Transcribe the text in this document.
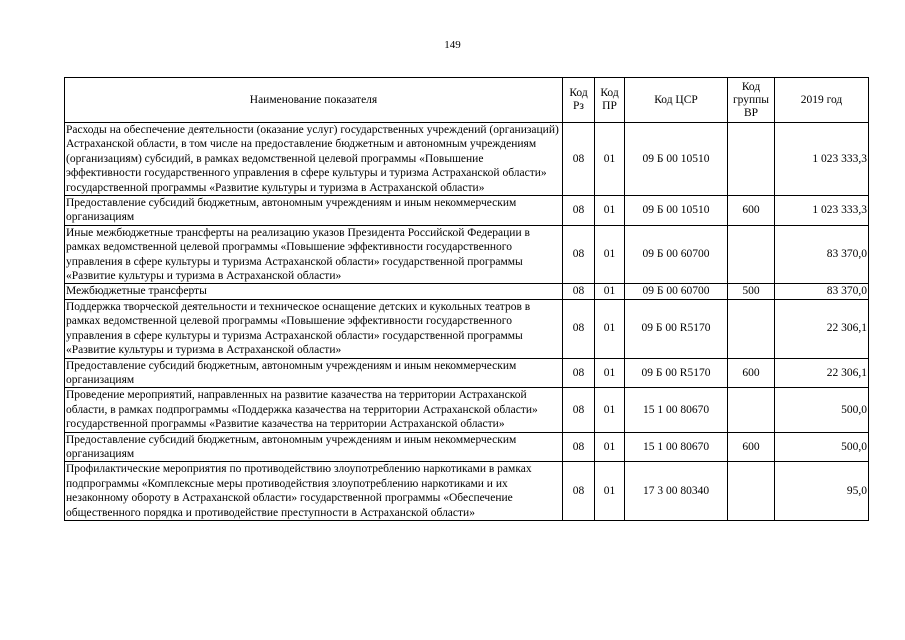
149
Наименование показателя	Код Рз	Код ПР	Код ЦСР	Код группы ВР	2019 год
Расходы на обеспечение деятельности (оказание услуг) государственных учреждений (организаций) Астраханской области, в том числе на предоставление бюджетным и автономным учреждениям (организациям) субсидий, в рамках ведомственной целевой программы «Повышение эффективности государственного управления в сфере культуры и туризма Астраханской области» государственной программы «Развитие культуры и туризма в Астраханской области»	08	01	09 Б 00 10510		1 023 333,3
Предоставление субсидий бюджетным, автономным учреждениям и иным некоммерческим организациям	08	01	09 Б 00 10510	600	1 023 333,3
Иные межбюджетные трансферты на реализацию указов Президента Российской Федерации в рамках ведомственной целевой программы «Повышение эффективности государственного управления в сфере культуры и туризма Астраханской области» государственной программы «Развитие культуры и туризма в Астраханской области»	08	01	09 Б 00 60700		83 370,0
Межбюджетные трансферты	08	01	09 Б 00 60700	500	83 370,0
Поддержка творческой деятельности и техническое оснащение детских и кукольных театров в рамках ведомственной целевой программы «Повышение эффективности государственного управления в сфере культуры и туризма Астраханской области» государственной программы «Развитие культуры и туризма в Астраханской области»	08	01	09 Б 00 R5170		22 306,1
Предоставление субсидий бюджетным, автономным учреждениям и иным некоммерческим организациям	08	01	09 Б 00 R5170	600	22 306,1
Проведение мероприятий, направленных на развитие казачества на территории Астраханской области, в рамках подпрограммы «Поддержка казачества на территории Астраханской области» государственной программы «Развитие казачества на территории Астраханской области»	08	01	15 1 00 80670		500,0
Предоставление субсидий бюджетным, автономным учреждениям и иным некоммерческим организациям	08	01	15 1 00 80670	600	500,0
Профилактические мероприятия по противодействию злоупотреблению наркотиками в рамках подпрограммы «Комплексные меры противодействия злоупотреблению наркотиками и их незаконному обороту в Астраханской области» государственной программы «Обеспечение общественного порядка и противодействие преступности в Астраханской области»	08	01	17 3 00 80340		95,0
